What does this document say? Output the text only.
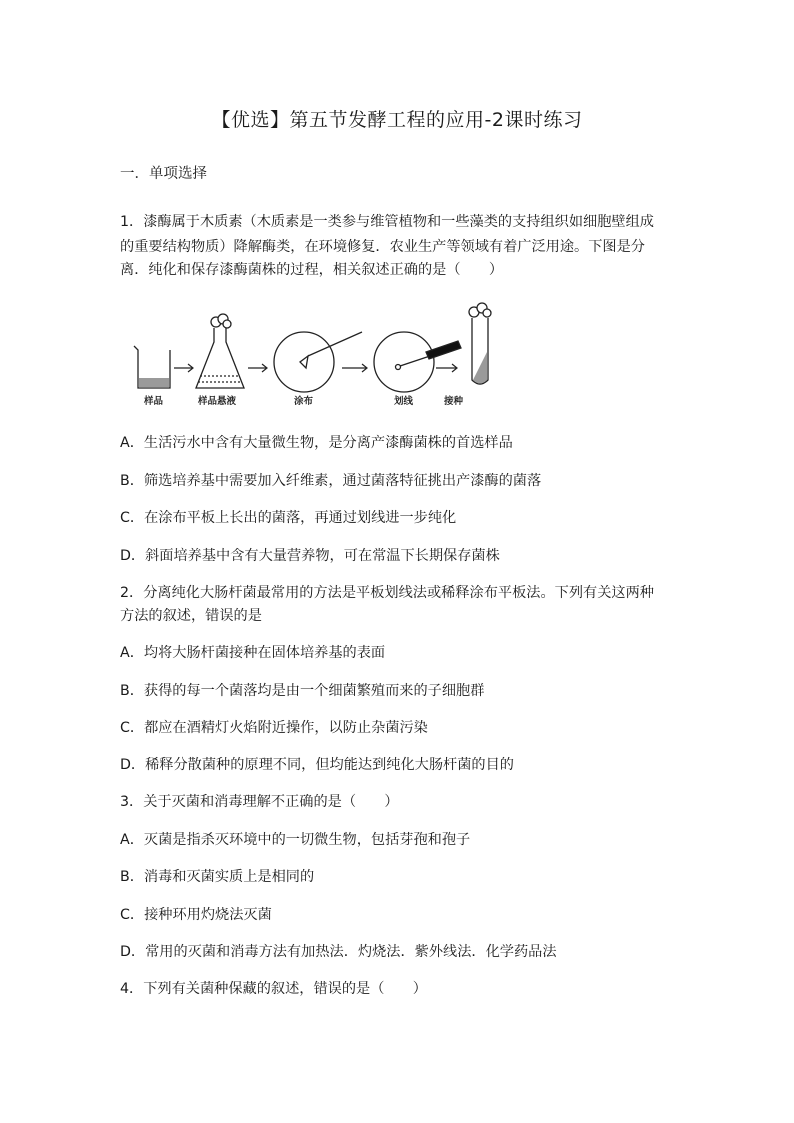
【优选】第五节发酵工程的应用-2课时练习
一．单项选择
1．漆酶属于木质素（木质素是一类参与维管植物和一些藻类的支持组织如细胞壁组成
的重要结构物质）降解酶类，在环境修复．农业生产等领域有着广泛用途。下图是分
离．纯化和保存漆酶菌株的过程，相关叙述正确的是（　　）
样品	样品悬液	涂布	划线	接种
A．生活污水中含有大量微生物，是分离产漆酶菌株的首选样品
B．筛选培养基中需要加入纤维素，通过菌落特征挑出产漆酶的菌落
C．在涂布平板上长出的菌落，再通过划线进一步纯化
D．斜面培养基中含有大量营养物，可在常温下长期保存菌株
2．分离纯化大肠杆菌最常用的方法是平板划线法或稀释涂布平板法。下列有关这两种
方法的叙述，错误的是
A．均将大肠杆菌接种在固体培养基的表面
B．获得的每一个菌落均是由一个细菌繁殖而来的子细胞群
C．都应在酒精灯火焰附近操作，以防止杂菌污染
D．稀释分散菌种的原理不同，但均能达到纯化大肠杆菌的目的
3．关于灭菌和消毒理解不正确的是（　　）
A．灭菌是指杀灭环境中的一切微生物，包括芽孢和孢子
B．消毒和灭菌实质上是相同的
C．接种环用灼烧法灭菌
D．常用的灭菌和消毒方法有加热法．灼烧法．紫外线法．化学药品法
4．下列有关菌种保藏的叙述，错误的是（　　）
